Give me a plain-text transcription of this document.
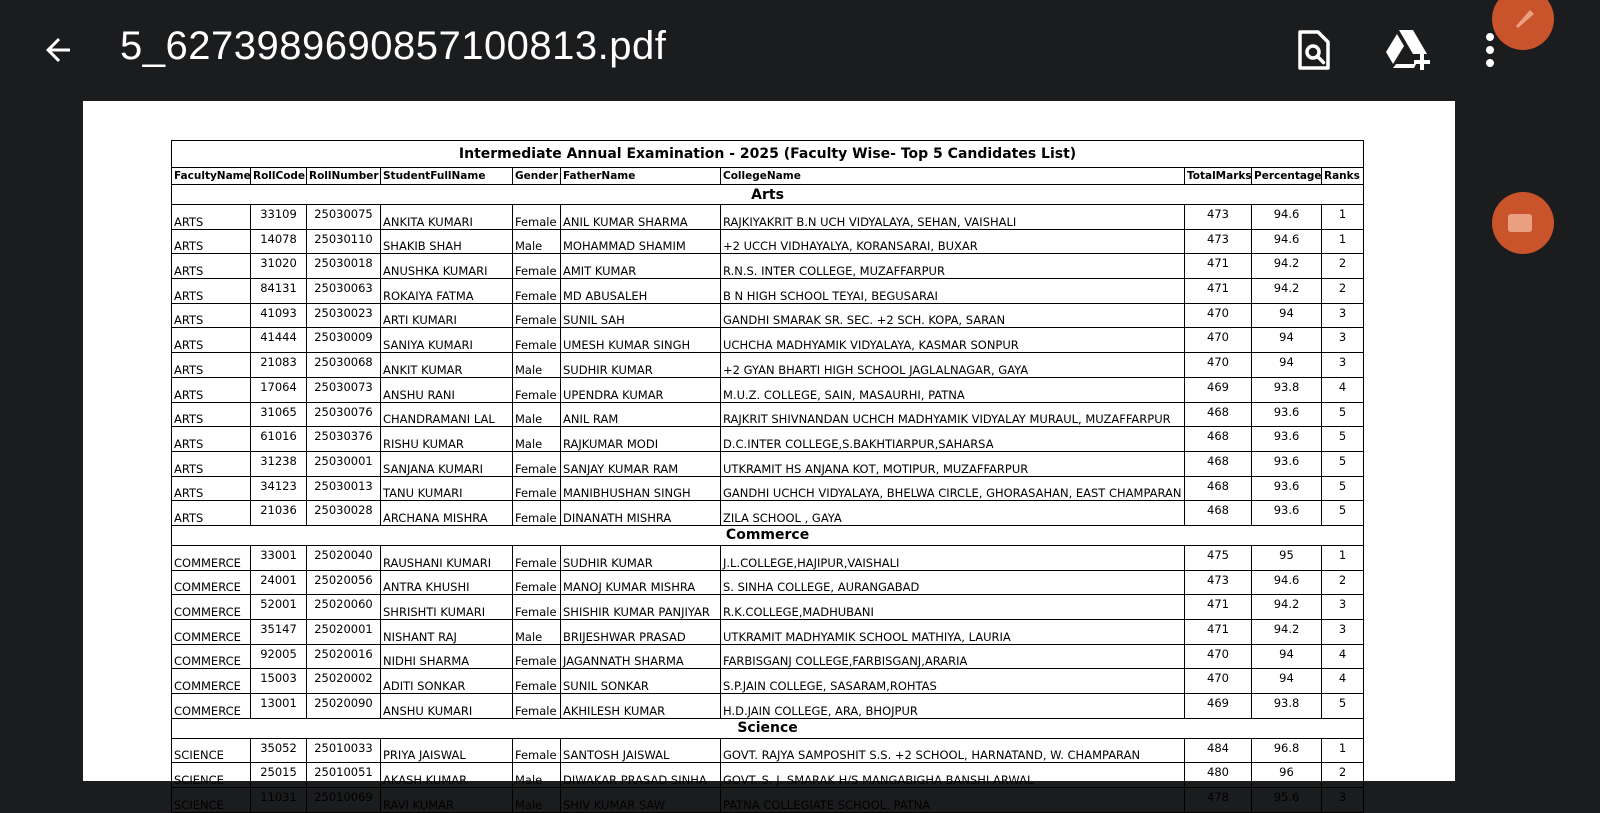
5_6273989690857100813.pdf
Intermediate Annual Examination - 2025 (Faculty Wise- Top 5 Candidates List)									
FacultyName	RollCode	RollNumber	StudentFullName	Gender	FatherName	CollegeName	TotalMarks	Percentage	Ranks
Arts									
ARTS	33109	25030075	ANKITA KUMARI	Female	ANIL KUMAR SHARMA	RAJKIYAKRIT B.N UCH VIDYALAYA, SEHAN, VAISHALI	473	94.6	1
ARTS	14078	25030110	SHAKIB SHAH	Male	MOHAMMAD SHAMIM	+2 UCCH VIDHAYALYA, KORANSARAI, BUXAR	473	94.6	1
ARTS	31020	25030018	ANUSHKA KUMARI	Female	AMIT KUMAR	R.N.S. INTER COLLEGE, MUZAFFARPUR	471	94.2	2
ARTS	84131	25030063	ROKAIYA FATMA	Female	MD ABUSALEH	B N HIGH SCHOOL TEYAI, BEGUSARAI	471	94.2	2
ARTS	41093	25030023	ARTI KUMARI	Female	SUNIL SAH	GANDHI SMARAK SR. SEC. +2 SCH. KOPA, SARAN	470	94	3
ARTS	41444	25030009	SANIYA KUMARI	Female	UMESH KUMAR SINGH	UCHCHA MADHYAMIK VIDYALAYA, KASMAR SONPUR	470	94	3
ARTS	21083	25030068	ANKIT KUMAR	Male	SUDHIR KUMAR	+2 GYAN BHARTI HIGH SCHOOL JAGLALNAGAR, GAYA	470	94	3
ARTS	17064	25030073	ANSHU RANI	Female	UPENDRA KUMAR	M.U.Z. COLLEGE, SAIN, MASAURHI, PATNA	469	93.8	4
ARTS	31065	25030076	CHANDRAMANI LAL	Male	ANIL RAM	RAJKRIT SHIVNANDAN UCHCH MADHYAMIK VIDYALAY MURAUL, MUZAFFARPUR	468	93.6	5
ARTS	61016	25030376	RISHU KUMAR	Male	RAJKUMAR MODI	D.C.INTER COLLEGE,S.BAKHTIARPUR,SAHARSA	468	93.6	5
ARTS	31238	25030001	SANJANA KUMARI	Female	SANJAY KUMAR RAM	UTKRAMIT HS ANJANA KOT, MOTIPUR, MUZAFFARPUR	468	93.6	5
ARTS	34123	25030013	TANU KUMARI	Female	MANIBHUSHAN SINGH	GANDHI UCHCH VIDYALAYA, BHELWA CIRCLE, GHORASAHAN, EAST CHAMPARAN	468	93.6	5
ARTS	21036	25030028	ARCHANA MISHRA	Female	DINANATH MISHRA	ZILA SCHOOL , GAYA	468	93.6	5
Commerce									
COMMERCE	33001	25020040	RAUSHANI KUMARI	Female	SUDHIR KUMAR	J.L.COLLEGE,HAJIPUR,VAISHALI	475	95	1
COMMERCE	24001	25020056	ANTRA KHUSHI	Female	MANOJ KUMAR MISHRA	S. SINHA COLLEGE, AURANGABAD	473	94.6	2
COMMERCE	52001	25020060	SHRISHTI KUMARI	Female	SHISHIR KUMAR PANJIYAR	R.K.COLLEGE,MADHUBANI	471	94.2	3
COMMERCE	35147	25020001	NISHANT RAJ	Male	BRIJESHWAR PRASAD	UTKRAMIT MADHYAMIK SCHOOL MATHIYA, LAURIA	471	94.2	3
COMMERCE	92005	25020016	NIDHI SHARMA	Female	JAGANNATH SHARMA	FARBISGANJ COLLEGE,FARBISGANJ,ARARIA	470	94	4
COMMERCE	15003	25020002	ADITI SONKAR	Female	SUNIL SONKAR	S.P.JAIN COLLEGE, SASARAM,ROHTAS	470	94	4
COMMERCE	13001	25020090	ANSHU KUMARI	Female	AKHILESH KUMAR	H.D.JAIN COLLEGE, ARA, BHOJPUR	469	93.8	5
Science									
SCIENCE	35052	25010033	PRIYA JAISWAL	Female	SANTOSH JAISWAL	GOVT. RAJYA SAMPOSHIT S.S. +2 SCHOOL, HARNATAND, W. CHAMPARAN	484	96.8	1
SCIENCE	25015	25010051	AKASH KUMAR	Male	DIWAKAR PRASAD SINHA	GOVT. S. J. SMARAK H/S MANGABIGHA BANSHI ARWAL	480	96	2
SCIENCE	11031	25010069	RAVI KUMAR	Male	SHIV KUMAR SAW	PATNA COLLEGIATE SCHOOL, PATNA	478	95.6	3
